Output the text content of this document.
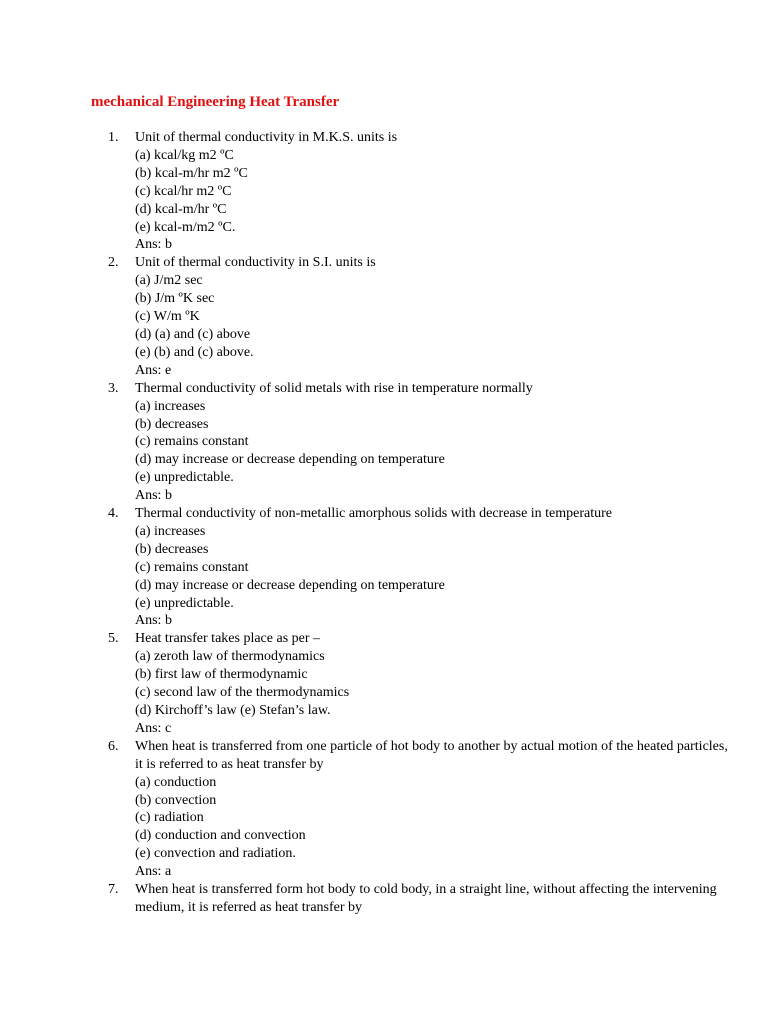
mechanical Engineering Heat Transfer
1.	Unit of thermal conductivity in M.K.S. units is
(a) kcal/kg m2 ºC
(b) kcal-m/hr m2 ºC
(c) kcal/hr m2 ºC
(d) kcal-m/hr ºC
(e) kcal-m/m2 ºC.
Ans: b
2.	Unit of thermal conductivity in S.I. units is
(a) J/m2 sec
(b) J/m ºK sec
(c) W/m ºK
(d) (a) and (c) above
(e) (b) and (c) above.
Ans: e
3.	Thermal conductivity of solid metals with rise in temperature normally
(a) increases
(b) decreases
(c) remains constant
(d) may increase or decrease depending on temperature
(e) unpredictable.
Ans: b
4.	Thermal conductivity of non-metallic amorphous solids with decrease in temperature
(a) increases
(b) decreases
(c) remains constant
(d) may increase or decrease depending on temperature
(e) unpredictable.
Ans: b
5.	Heat transfer takes place as per –
(a) zeroth law of thermodynamics
(b) first law of thermodynamic
(c) second law of the thermodynamics
(d) Kirchoff’s law (e) Stefan’s law.
Ans: c
6.	When heat is transferred from one particle of hot body to another by actual motion of the heated particles, it is referred to as heat transfer by
(a) conduction
(b) convection
(c) radiation
(d) conduction and convection
(e) convection and radiation.
Ans: a
7.	When heat is transferred form hot body to cold body, in a straight line, without affecting the intervening medium, it is referred as heat transfer by
